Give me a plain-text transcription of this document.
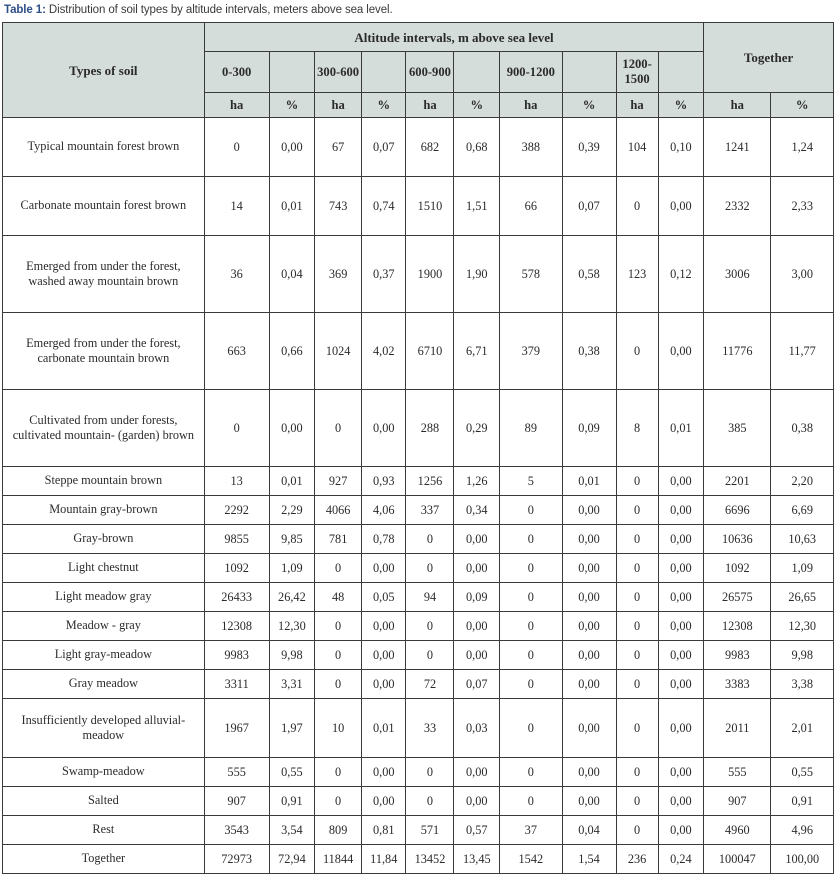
Table 1: Distribution of soil types by altitude intervals, meters above sea level.
Types of soil	Altitude intervals, m above sea level										Together	
	0-300		300-600		600-900		900-1200		1200-1500			
	ha	%	ha	%	ha	%	ha	%	ha	%	ha	%
Typical mountain forest brown	0	0,00	67	0,07	682	0,68	388	0,39	104	0,10	1241	1,24
Carbonate mountain forest brown	14	0,01	743	0,74	1510	1,51	66	0,07	0	0,00	2332	2,33
Emerged from under the forest, washed away mountain brown	36	0,04	369	0,37	1900	1,90	578	0,58	123	0,12	3006	3,00
Emerged from under the forest, carbonate mountain brown	663	0,66	1024	4,02	6710	6,71	379	0,38	0	0,00	11776	11,77
Cultivated from under forests, cultivated mountain- (garden) brown	0	0,00	0	0,00	288	0,29	89	0,09	8	0,01	385	0,38
Steppe mountain brown	13	0,01	927	0,93	1256	1,26	5	0,01	0	0,00	2201	2,20
Mountain gray-brown	2292	2,29	4066	4,06	337	0,34	0	0,00	0	0,00	6696	6,69
Gray-brown	9855	9,85	781	0,78	0	0,00	0	0,00	0	0,00	10636	10,63
Light chestnut	1092	1,09	0	0,00	0	0,00	0	0,00	0	0,00	1092	1,09
Light meadow gray	26433	26,42	48	0,05	94	0,09	0	0,00	0	0,00	26575	26,65
Meadow - gray	12308	12,30	0	0,00	0	0,00	0	0,00	0	0,00	12308	12,30
Light gray-meadow	9983	9,98	0	0,00	0	0,00	0	0,00	0	0,00	9983	9,98
Gray meadow	3311	3,31	0	0,00	72	0,07	0	0,00	0	0,00	3383	3,38
Insufficiently developed alluvial-meadow	1967	1,97	10	0,01	33	0,03	0	0,00	0	0,00	2011	2,01
Swamp-meadow	555	0,55	0	0,00	0	0,00	0	0,00	0	0,00	555	0,55
Salted	907	0,91	0	0,00	0	0,00	0	0,00	0	0,00	907	0,91
Rest	3543	3,54	809	0,81	571	0,57	37	0,04	0	0,00	4960	4,96
Together	72973	72,94	11844	11,84	13452	13,45	1542	1,54	236	0,24	100047	100,00
